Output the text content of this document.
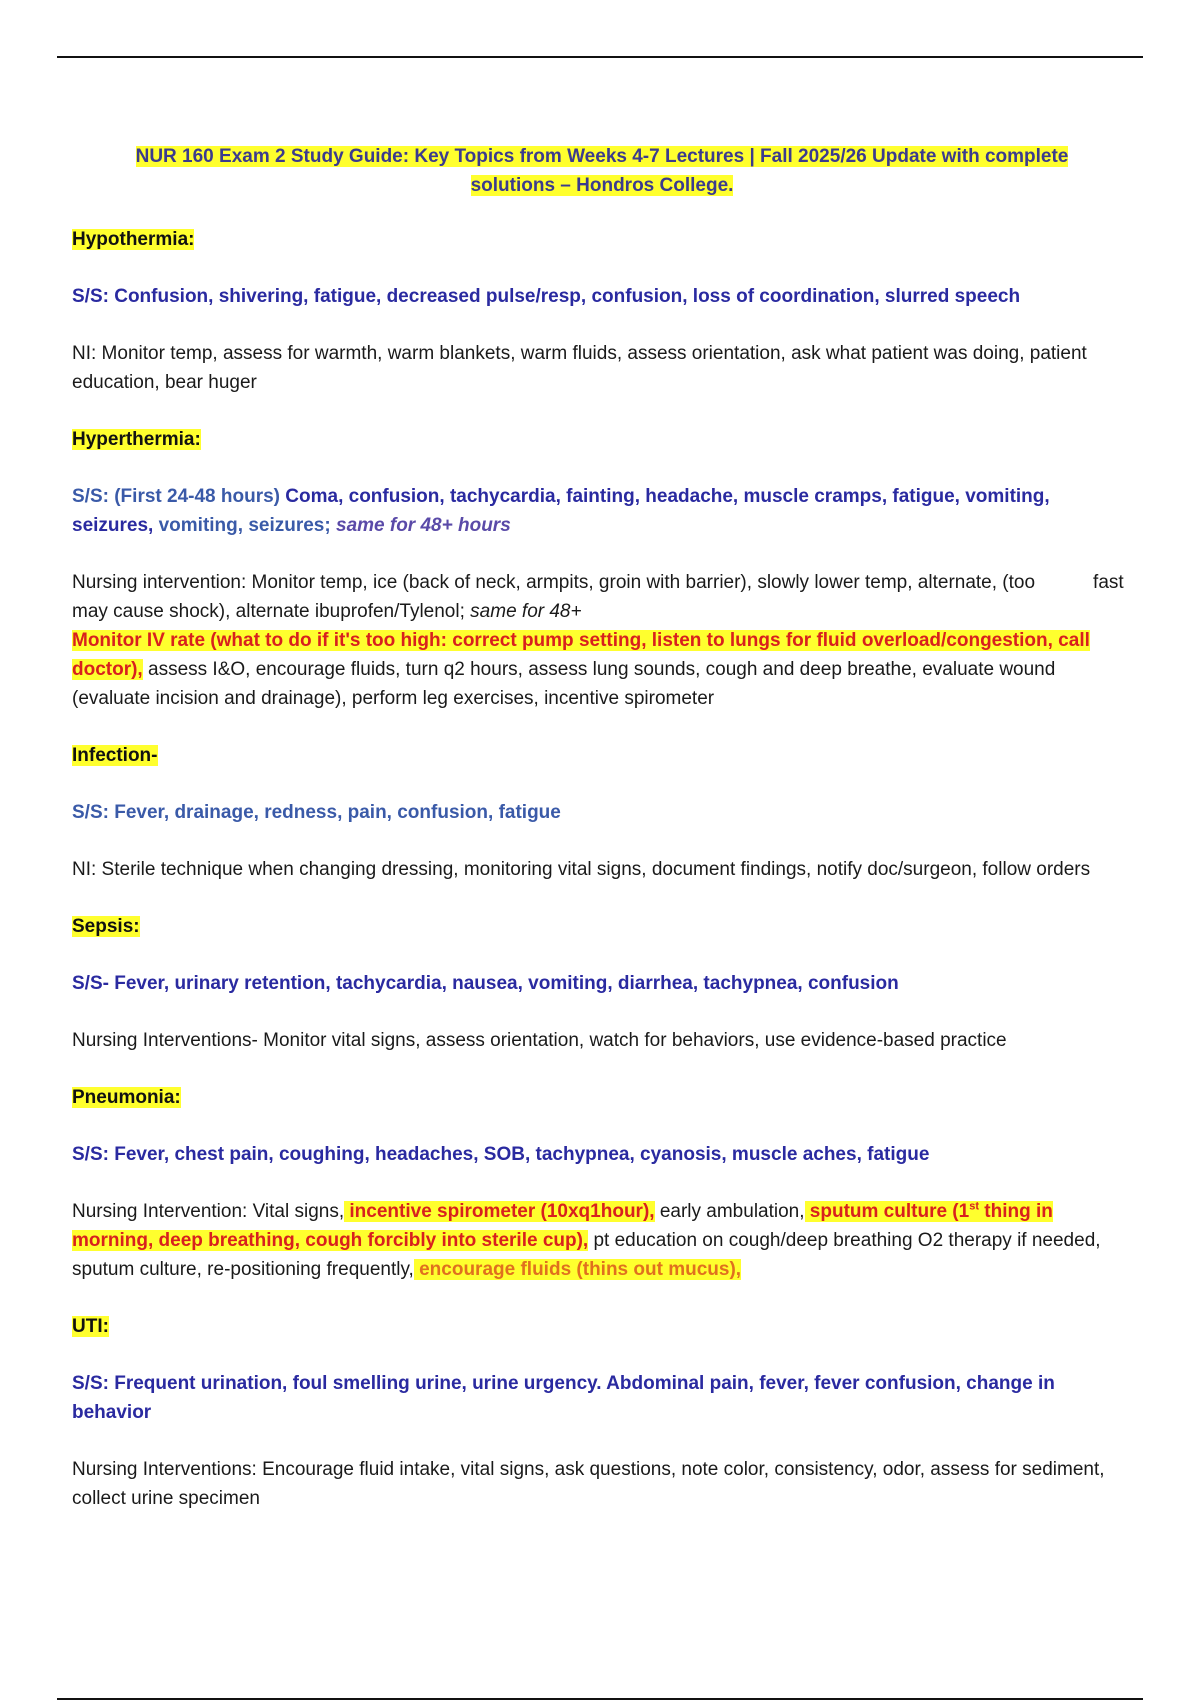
NUR 160 Exam 2 Study Guide: Key Topics from Weeks 4-7 Lectures | Fall 2025/26 Update with complete
solutions – Hondros College.
Hypothermia:
S/S: Confusion, shivering, fatigue, decreased pulse/resp, confusion, loss of coordination, slurred speech
NI: Monitor temp, assess for warmth, warm blankets, warm fluids, assess orientation, ask what patient was doing, patient education, bear huger
Hyperthermia:
S/S: (First 24-48 hours) Coma, confusion, tachycardia, fainting, headache, muscle cramps, fatigue, vomiting, seizures, vomiting, seizures; same for 48+ hours
Nursing intervention: Monitor temp, ice (back of neck, armpits, groin with barrier), slowly lower temp, alternate, (too	fast may cause shock), alternate ibuprofen/Tylenol; same for 48+
Monitor IV rate (what to do if it's too high: correct pump setting, listen to lungs for fluid overload/congestion, call doctor), assess I&O, encourage fluids, turn q2 hours, assess lung sounds, cough and deep breathe, evaluate wound (evaluate incision and drainage), perform leg exercises, incentive spirometer
Infection-
S/S: Fever, drainage, redness, pain, confusion, fatigue
NI: Sterile technique when changing dressing, monitoring vital signs, document findings, notify doc/surgeon, follow orders
Sepsis:
S/S- Fever, urinary retention, tachycardia, nausea, vomiting, diarrhea, tachypnea, confusion
Nursing Interventions- Monitor vital signs, assess orientation, watch for behaviors, use evidence-based practice
Pneumonia:
S/S: Fever, chest pain, coughing, headaches, SOB, tachypnea, cyanosis, muscle aches, fatigue
Nursing Intervention: Vital signs, incentive spirometer (10xq1hour), early ambulation, sputum culture (1st thing in morning, deep breathing, cough forcibly into sterile cup), pt education on cough/deep breathing O2 therapy if needed, sputum culture, re-positioning frequently, encourage fluids (thins out mucus),
UTI:
S/S: Frequent urination, foul smelling urine, urine urgency. Abdominal pain, fever, fever confusion, change in behavior
Nursing Interventions: Encourage fluid intake, vital signs, ask questions, note color, consistency, odor, assess for sediment, collect urine specimen
